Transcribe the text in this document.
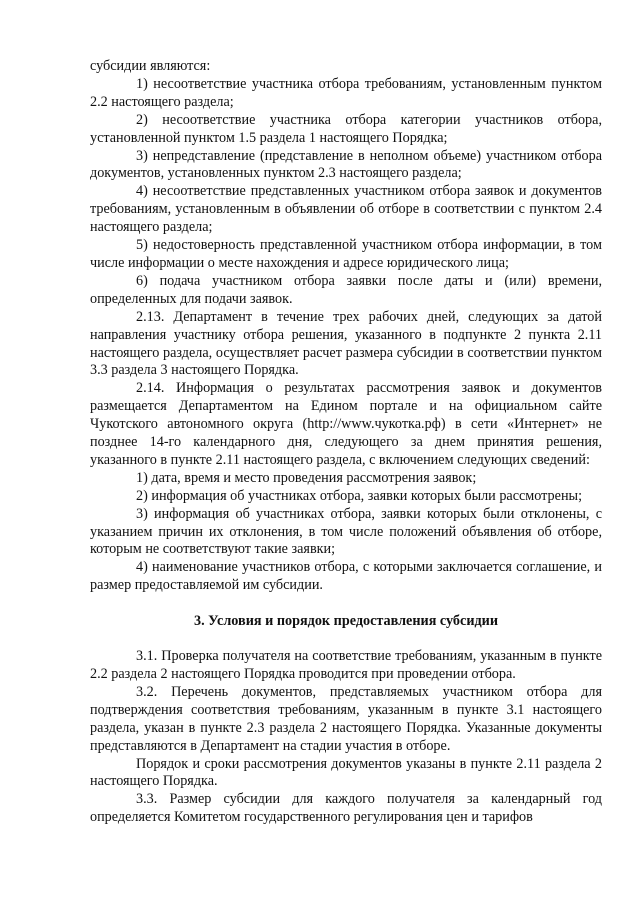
субсидии являются:

1) несоответствие участника отбора требованиям, установленным пунктом 2.2 настоящего раздела;

2) несоответствие участника отбора категории участников отбора, установленной пунктом 1.5 раздела 1 настоящего Порядка;

3) непредставление (представление в неполном объеме) участником отбора документов, установленных пунктом 2.3 настоящего раздела;

4) несоответствие представленных участником отбора заявок и документов требованиям, установленным в объявлении об отборе в соответствии с пунктом 2.4 настоящего раздела;

5) недостоверность представленной участником отбора информации, в том числе информации о месте нахождения и адресе юридического лица;

6) подача участником отбора заявки после даты и (или) времени, определенных для подачи заявок.

2.13. Департамент в течение трех рабочих дней, следующих за датой направления участнику отбора решения, указанного в подпункте 2 пункта 2.11 настоящего раздела, осуществляет расчет размера субсидии в соответствии пунктом 3.3 раздела 3 настоящего Порядка.

2.14. Информация о результатах рассмотрения заявок и документов размещается Департаментом на Едином портале и на официальном сайте Чукотского автономного округа (http://www.чукотка.рф) в сети «Интернет» не позднее 14-го календарного дня, следующего за днем принятия решения, указанного в пункте 2.11 настоящего раздела, с включением следующих сведений:

1) дата, время и место проведения рассмотрения заявок;

2) информация об участниках отбора, заявки которых были рассмотрены;

3) информация об участниках отбора, заявки которых были отклонены, с указанием причин их отклонения, в том числе положений объявления об отборе, которым не соответствуют такие заявки;

4) наименование участников отбора, с которыми заключается соглашение, и размер предоставляемой им субсидии.

3. Условия и порядок предоставления субсидии

3.1. Проверка получателя на соответствие требованиям, указанным в пункте 2.2 раздела 2 настоящего Порядка проводится при проведении отбора.

3.2. Перечень документов, представляемых участником отбора для подтверждения соответствия требованиям, указанным в пункте 3.1 настоящего раздела, указан в пункте 2.3 раздела 2 настоящего Порядка. Указанные документы представляются в Департамент на стадии участия в отборе.

Порядок и сроки рассмотрения документов указаны в пункте 2.11 раздела 2 настоящего Порядка.

3.3. Размер субсидии для каждого получателя за календарный год определяется Комитетом государственного регулирования цен и тарифов
